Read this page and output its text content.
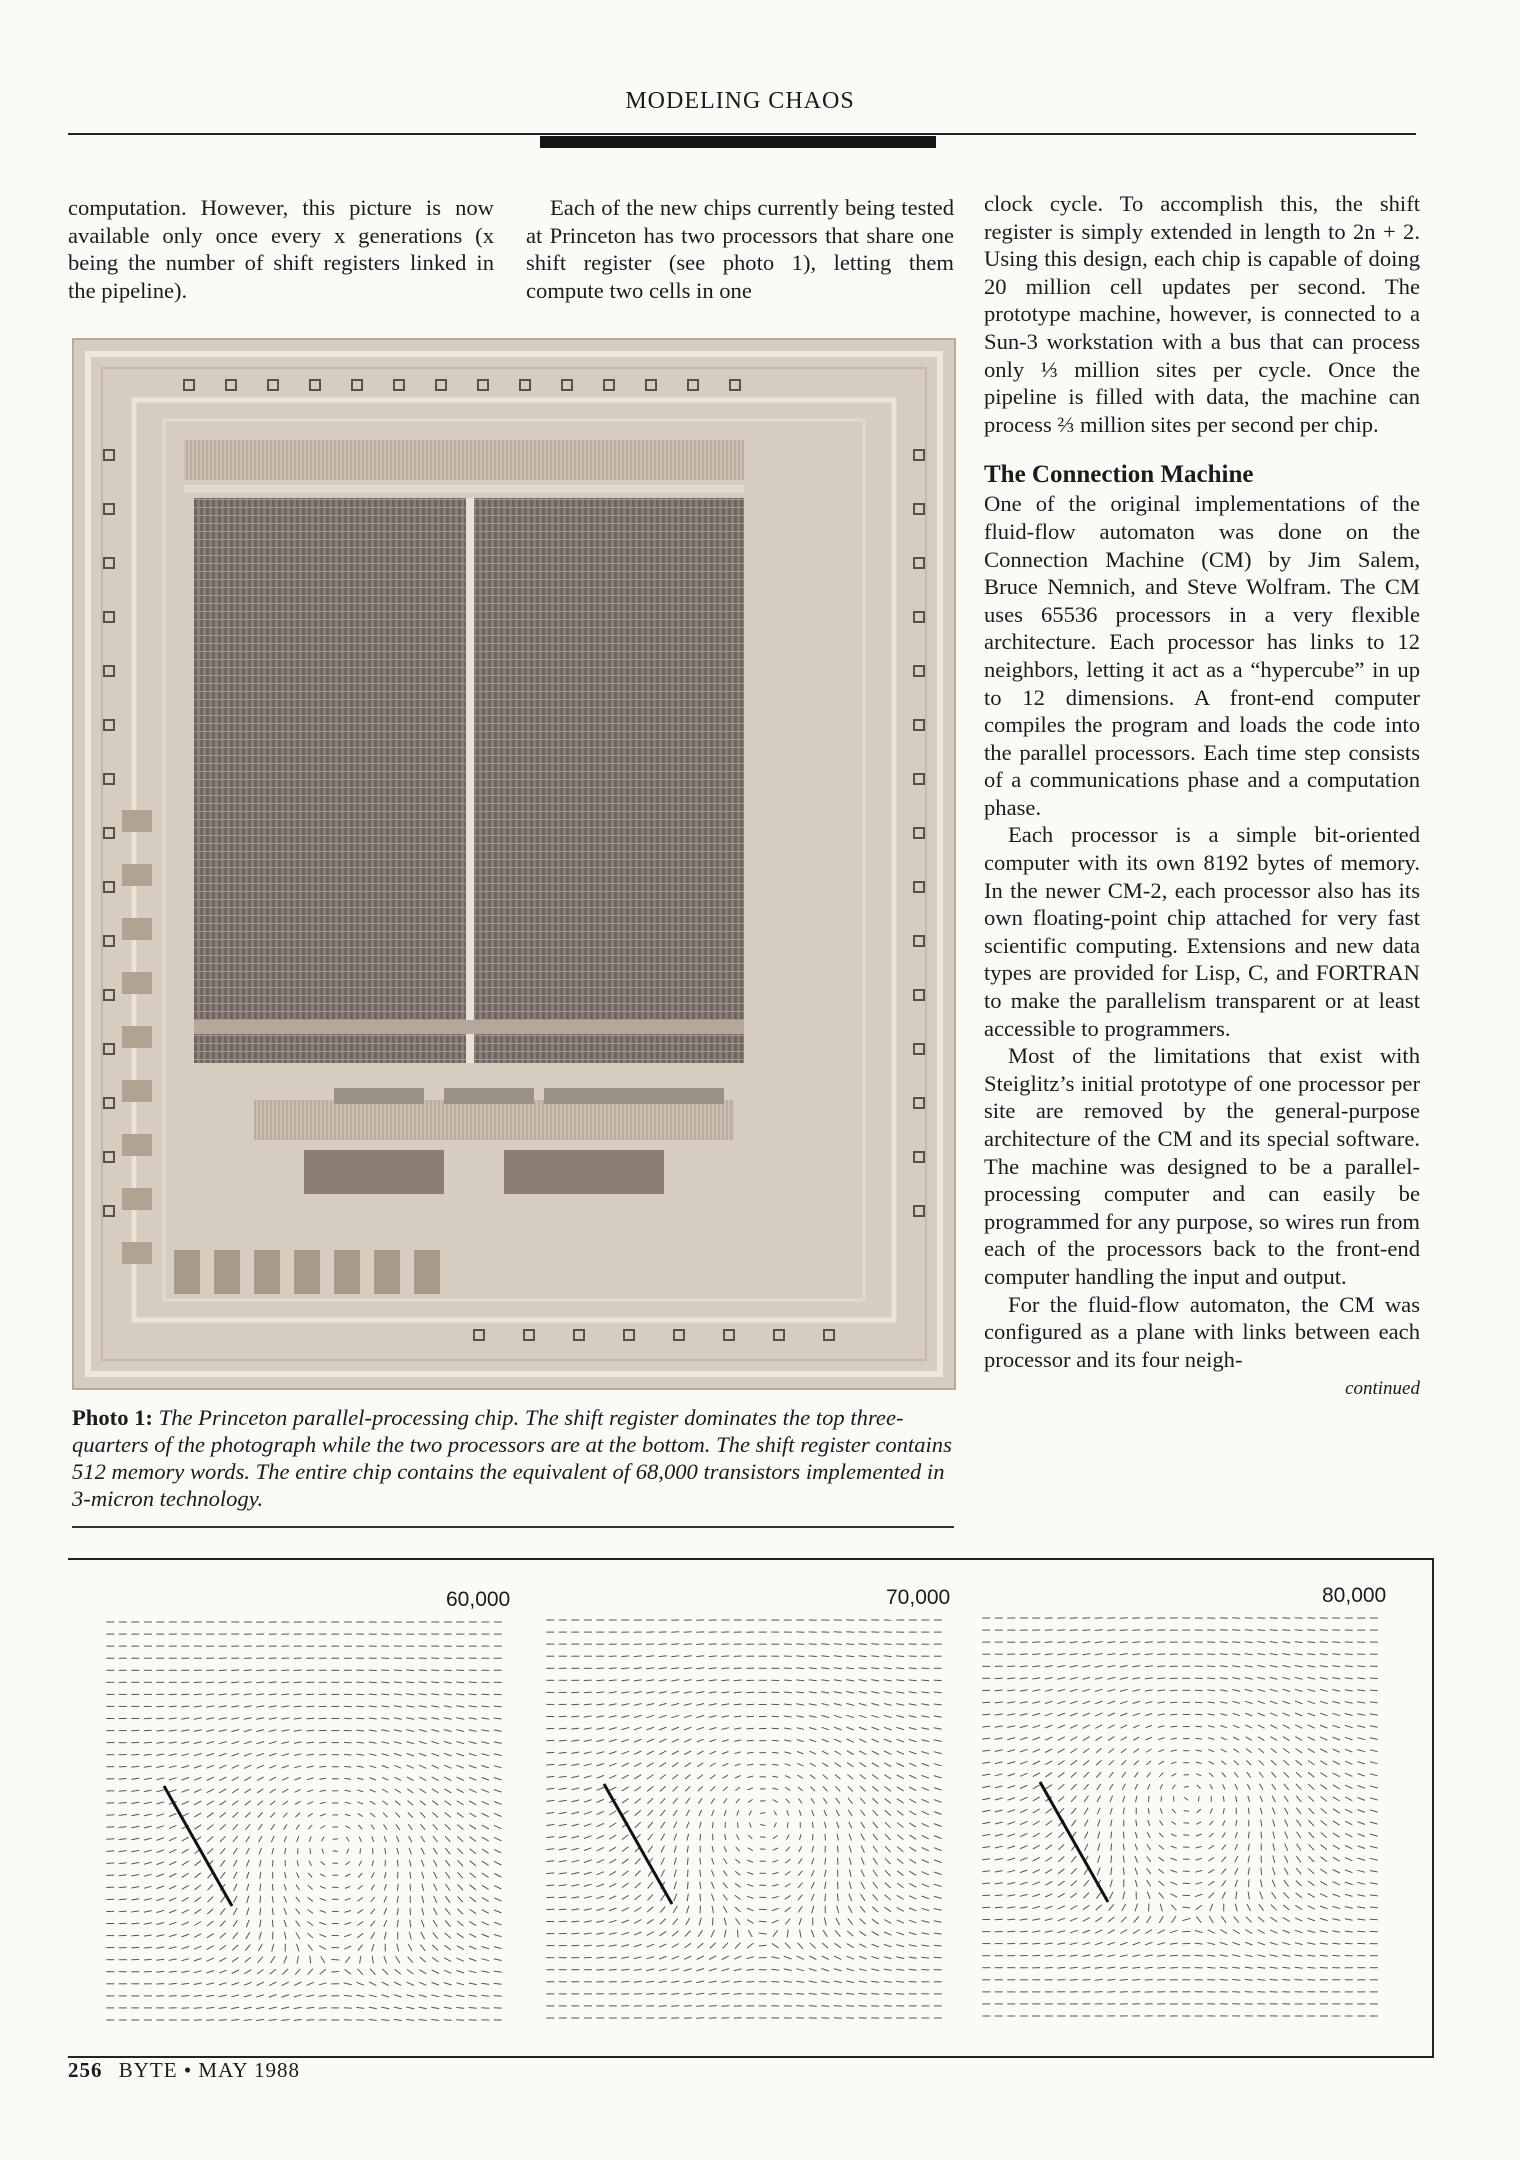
MODELING CHAOS

computation. However, this picture is now available only once every x generations (x being the number of shift registers linked in the pipeline).

Each of the new chips currently being tested at Princeton has two processors that share one shift register (see photo 1), letting them compute two cells in one

clock cycle. To accomplish this, the shift register is simply extended in length to 2n + 2. Using this design, each chip is capable of doing 20 million cell updates per second. The prototype machine, however, is connected to a Sun-3 workstation with a bus that can process only ⅓ million sites per cycle. Once the pipeline is filled with data, the machine can process ⅔ million sites per second per chip.

The Connection Machine

One of the original implementations of the fluid-flow automaton was done on the Connection Machine (CM) by Jim Salem, Bruce Nemnich, and Steve Wolfram. The CM uses 65536 processors in a very flexible architecture. Each processor has links to 12 neighbors, letting it act as a “hypercube” in up to 12 dimensions. A front-end computer compiles the program and loads the code into the parallel processors. Each time step consists of a communications phase and a computation phase.

Each processor is a simple bit-oriented computer with its own 8192 bytes of memory. In the newer CM-2, each processor also has its own floating-point chip attached for very fast scientific computing. Extensions and new data types are provided for Lisp, C, and FORTRAN to make the parallelism transparent or at least accessible to programmers.

Most of the limitations that exist with Steiglitz’s initial prototype of one processor per site are removed by the general-purpose architecture of the CM and its special software. The machine was designed to be a parallel-processing computer and can easily be programmed for any purpose, so wires run from each of the processors back to the front-end computer handling the input and output.

For the fluid-flow automaton, the CM was configured as a plane with links between each processor and its four neigh-

continued

Photo 1: The Princeton parallel-processing chip. The shift register dominates the top three-quarters of the photograph while the two processors are at the bottom. The shift register contains 512 memory words. The entire chip contains the equivalent of 68,000 transistors implemented in 3-micron technology.
60,000	70,000	80,000
256 BYTE • MAY 1988
